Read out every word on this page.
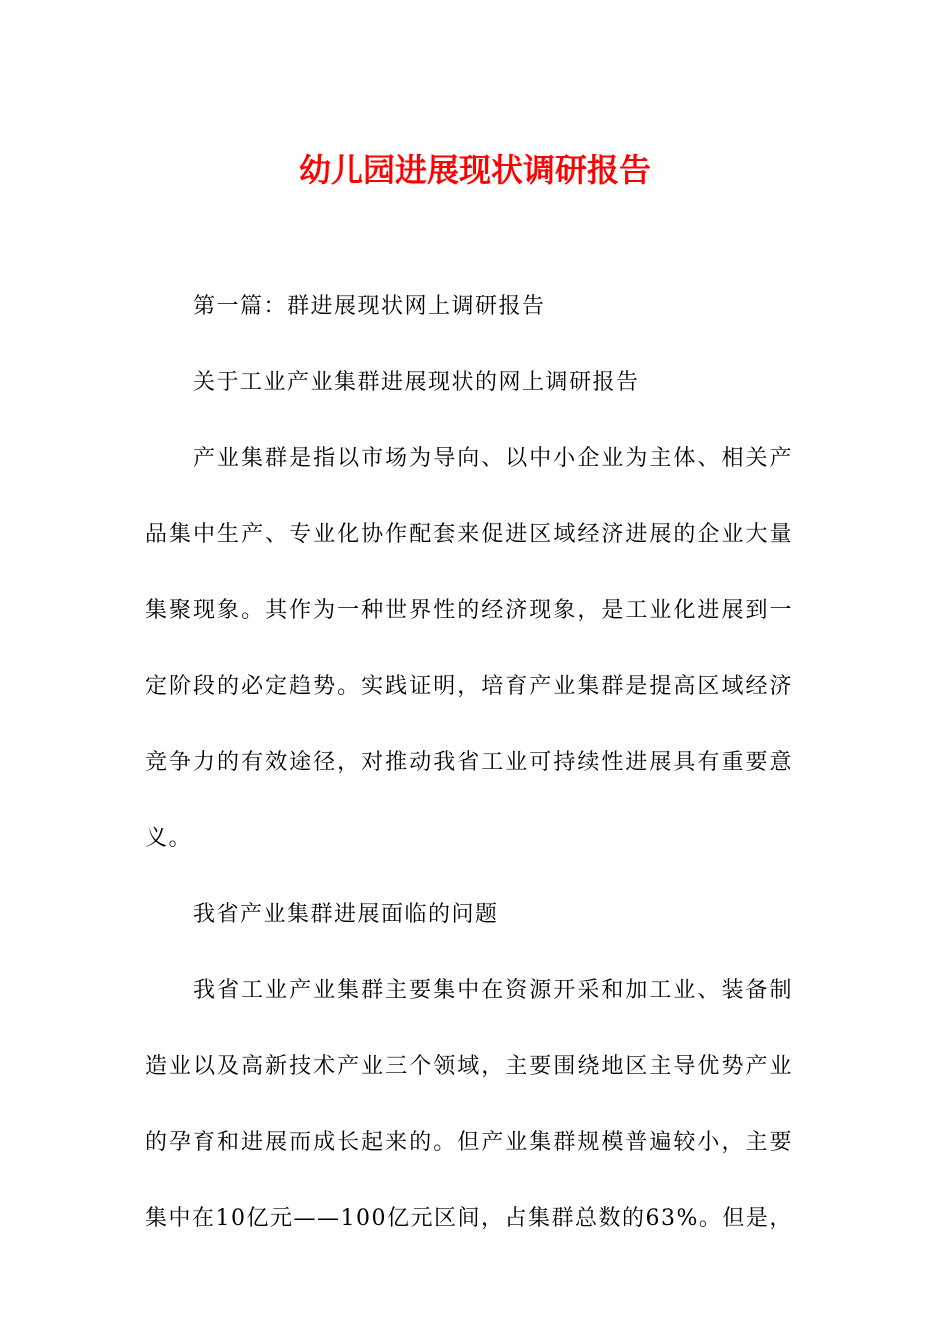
幼儿园进展现状调研报告

第一篇：群进展现状网上调研报告

关于工业产业集群进展现状的网上调研报告

产业集群是指以市场为导向、以中小企业为主体、相关产品集中生产、专业化协作配套来促进区域经济进展的企业大量集聚现象。其作为一种世界性的经济现象，是工业化进展到一定阶段的必定趋势。实践证明，培育产业集群是提高区域经济竞争力的有效途径，对推动我省工业可持续性进展具有重要意义。

我省产业集群进展面临的问题

我省工业产业集群主要集中在资源开采和加工业、装备制造业以及高新技术产业三个领域，主要围绕地区主导优势产业的孕育和进展而成长起来的。但产业集群规模普遍较小，主要集中在10亿元——100亿元区间，占集群总数的63%。但是，
